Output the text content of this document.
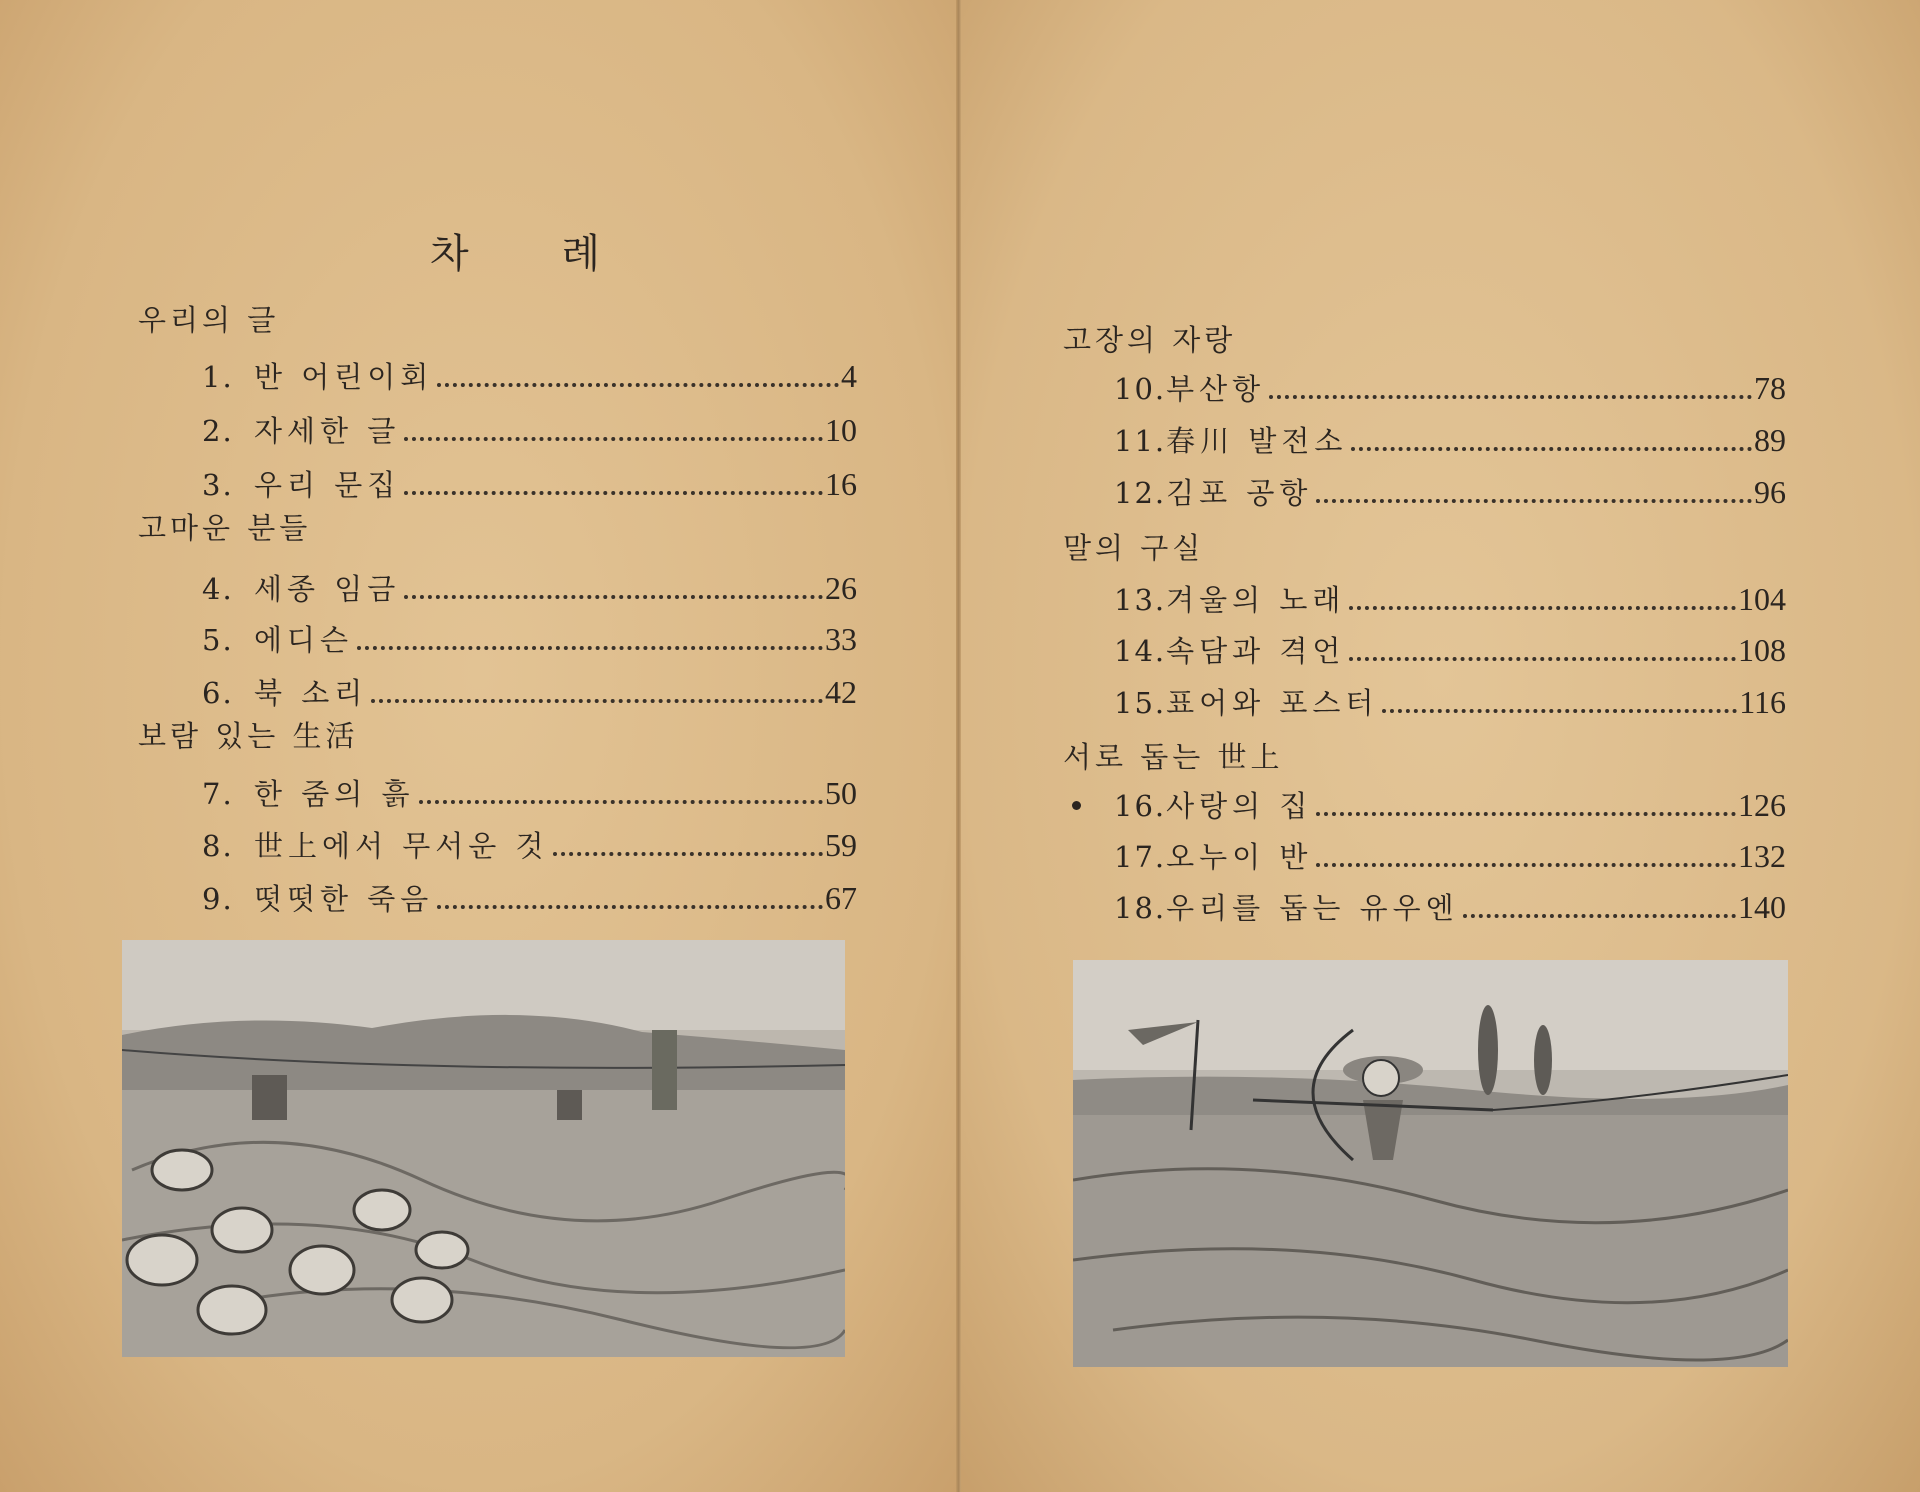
차 례
우리의 글
1. 반 어린이회	4
2. 자세한 글	10
3. 우리 문집	16
고마운 분들
4. 세종 임금	26
5. 에디슨	33
6. 북 소리	42
보람 있는 生活
7. 한 줌의 흙	50
8. 世上에서 무서운 것	59
9. 떳떳한 죽음	67
고장의 자랑
10. 부산항	78
11. 春川 발전소	89
12. 김포 공항	96
말의 구실
13. 겨울의 노래	104
14. 속담과 격언	108
15. 표어와 포스터	116
서로 돕는 世上
16. 사랑의 집	126
17. 오누이 반	132
18. 우리를 돕는 유우엔	140
